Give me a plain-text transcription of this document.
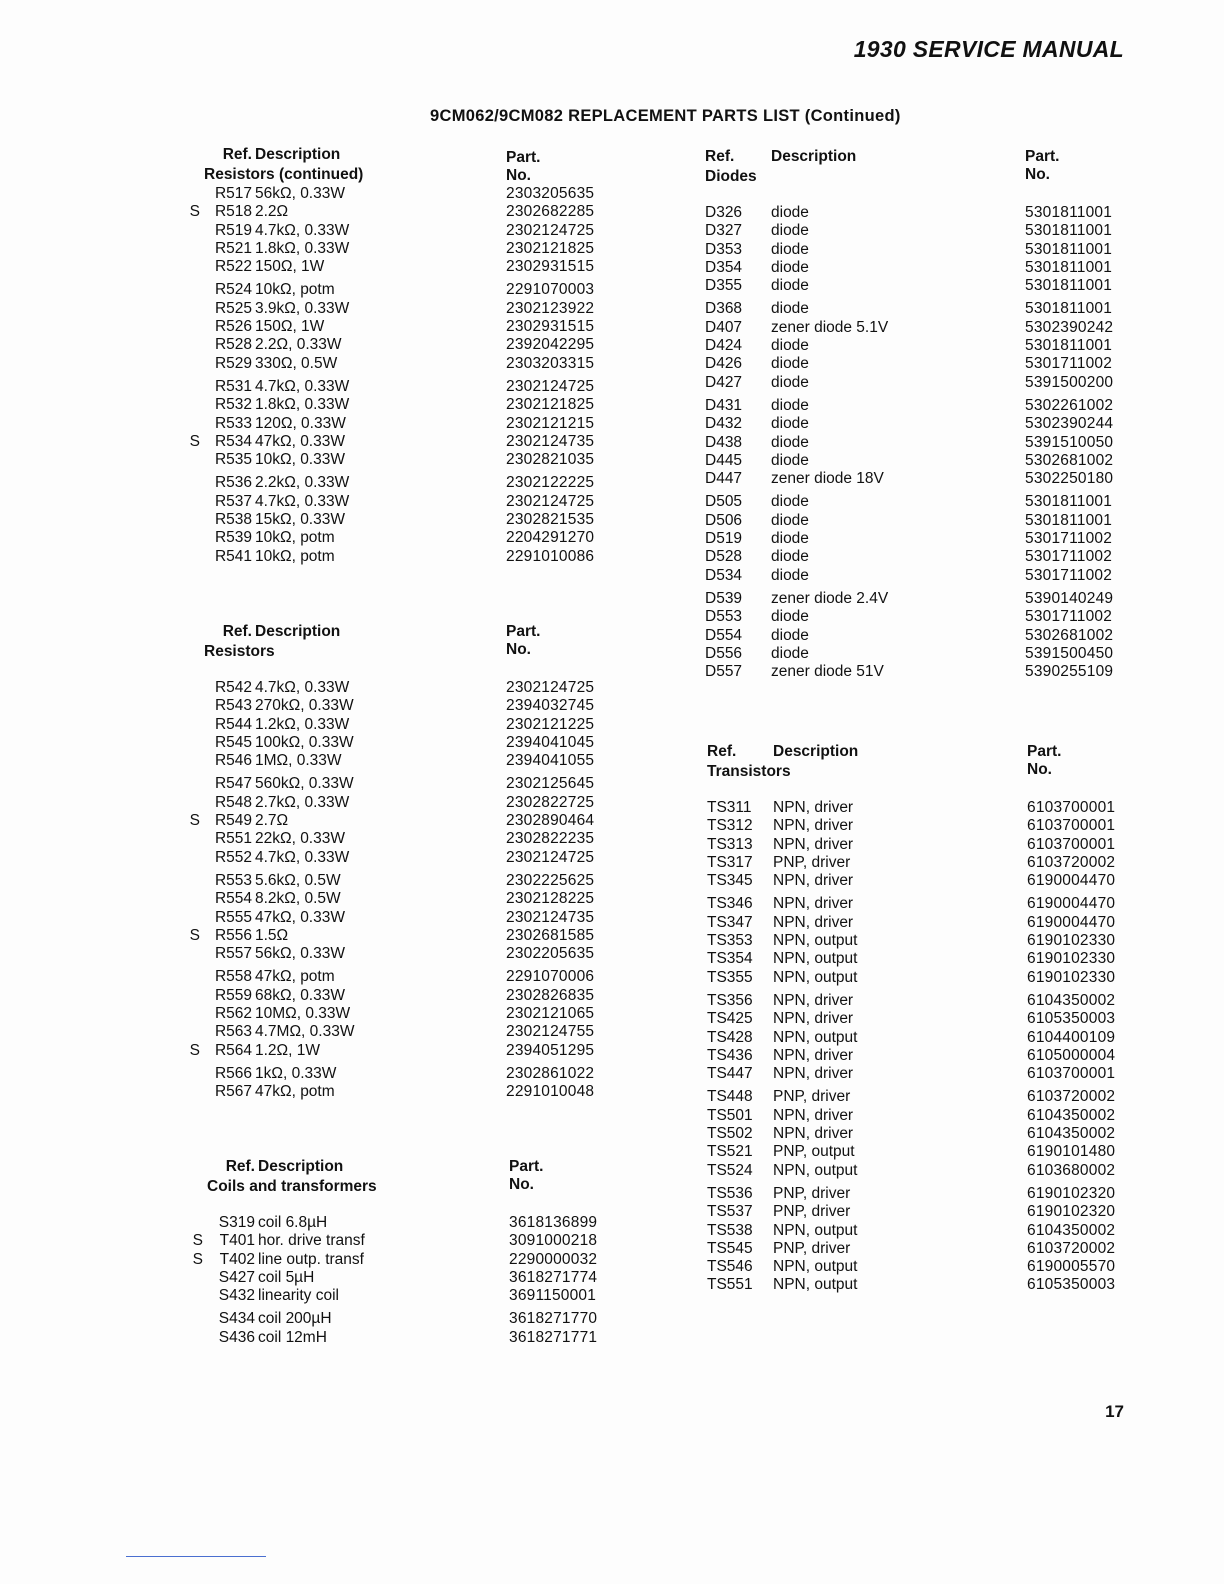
1930 SERVICE MANUAL
9CM062/9CM082 REPLACEMENT PARTS LIST (Continued)
Ref. Description	Part. No.
Resistors (continued)
R517 56kΩ, 0.33W	2303205635
S R518 2.2Ω	2302682285
R519 4.7kΩ, 0.33W	2302124725
R521 1.8kΩ, 0.33W	2302121825
R522 150Ω, 1W	2302931515
R524 10kΩ, potm	2291070003
R525 3.9kΩ, 0.33W	2302123922
R526 150Ω, 1W	2302931515
R528 2.2Ω, 0.33W	2392042295
R529 330Ω, 0.5W	2303203315
R531 4.7kΩ, 0.33W	2302124725
R532 1.8kΩ, 0.33W	2302121825
R533 120Ω, 0.33W	2302121215
S R534 47kΩ, 0.33W	2302124735
R535 10kΩ, 0.33W	2302821035
R536 2.2kΩ, 0.33W	2302122225
R537 4.7kΩ, 0.33W	2302124725
R538 15kΩ, 0.33W	2302821535
R539 10kΩ, potm	2204291270
R541 10kΩ, potm	2291010086
Ref. Description	Part. No.
Resistors
R542 4.7kΩ, 0.33W	2302124725
R543 270kΩ, 0.33W	2394032745
R544 1.2kΩ, 0.33W	2302121225
R545 100kΩ, 0.33W	2394041045
R546 1MΩ, 0.33W	2394041055
R547 560kΩ, 0.33W	2302125645
R548 2.7kΩ, 0.33W	2302822725
S R549 2.7Ω	2302890464
R551 22kΩ, 0.33W	2302822235
R552 4.7kΩ, 0.33W	2302124725
R553 5.6kΩ, 0.5W	2302225625
R554 8.2kΩ, 0.5W	2302128225
R555 47kΩ, 0.33W	2302124735
S R556 1.5Ω	2302681585
R557 56kΩ, 0.33W	2302205635
R558 47kΩ, potm	2291070006
R559 68kΩ, 0.33W	2302826835
R562 10MΩ, 0.33W	2302121065
R563 4.7MΩ, 0.33W	2302124755
S R564 1.2Ω, 1W	2394051295
R566 1kΩ, 0.33W	2302861022
R567 47kΩ, potm	2291010048
Ref. Description	Part. No.
Coils and transformers
S319 coil 6.8µH	3618136899
S	T401 hor. drive transf	3091000218
S	T402 line outp. transf	2290000032
S427 coil 5µH	3618271774
S432 linearity coil	3691150001
S434 coil 200µH	3618271770
S436 coil 12mH	3618271771
Ref. Description	Part. No.
Diodes
D326 diode	5301811001
D327 diode	5301811001
D353 diode	5301811001
D354 diode	5301811001
D355 diode	5301811001
D368 diode	5301811001
D407 zener diode 5.1V	5302390242
D424 diode	5301811001
D426 diode	5301711002
D427 diode	5391500200
D431 diode	5302261002
D432 diode	5302390244
D438 diode	5391510050
D445 diode	5302681002
D447 zener diode 18V	5302250180
D505 diode	5301811001
D506 diode	5301811001
D519 diode	5301711002
D528 diode	5301711002
D534 diode	5301711002
D539 zener diode 2.4V	5390140249
D553 diode	5301711002
D554 diode	5302681002
D556 diode	5391500450
D557 zener diode 51V	5390255109
Ref. Description	Part. No.
Transistors
TS311 NPN, driver	6103700001
TS312 NPN, driver	6103700001
TS313 NPN, driver	6103700001
TS317 PNP, driver	6103720002
TS345 NPN, driver	6190004470
TS346 NPN, driver	6190004470
TS347 NPN, driver	6190004470
TS353 NPN, output	6190102330
TS354 NPN, output	6190102330
TS355 NPN, output	6190102330
TS356 NPN, driver	6104350002
TS425 NPN, driver	6105350003
TS428 NPN, output	6104400109
TS436 NPN, driver	6105000004
TS447 NPN, driver	6103700001
TS448 PNP, driver	6103720002
TS501 NPN, driver	6104350002
TS502 NPN, driver	6104350002
TS521 PNP, output	6190101480
TS524 NPN, output	6103680002
TS536 PNP, driver	6190102320
TS537 PNP, driver	6190102320
TS538 NPN, output	6104350002
TS545 PNP, driver	6103720002
TS546 NPN, output	6190005570
TS551 NPN, output	6105350003
17
